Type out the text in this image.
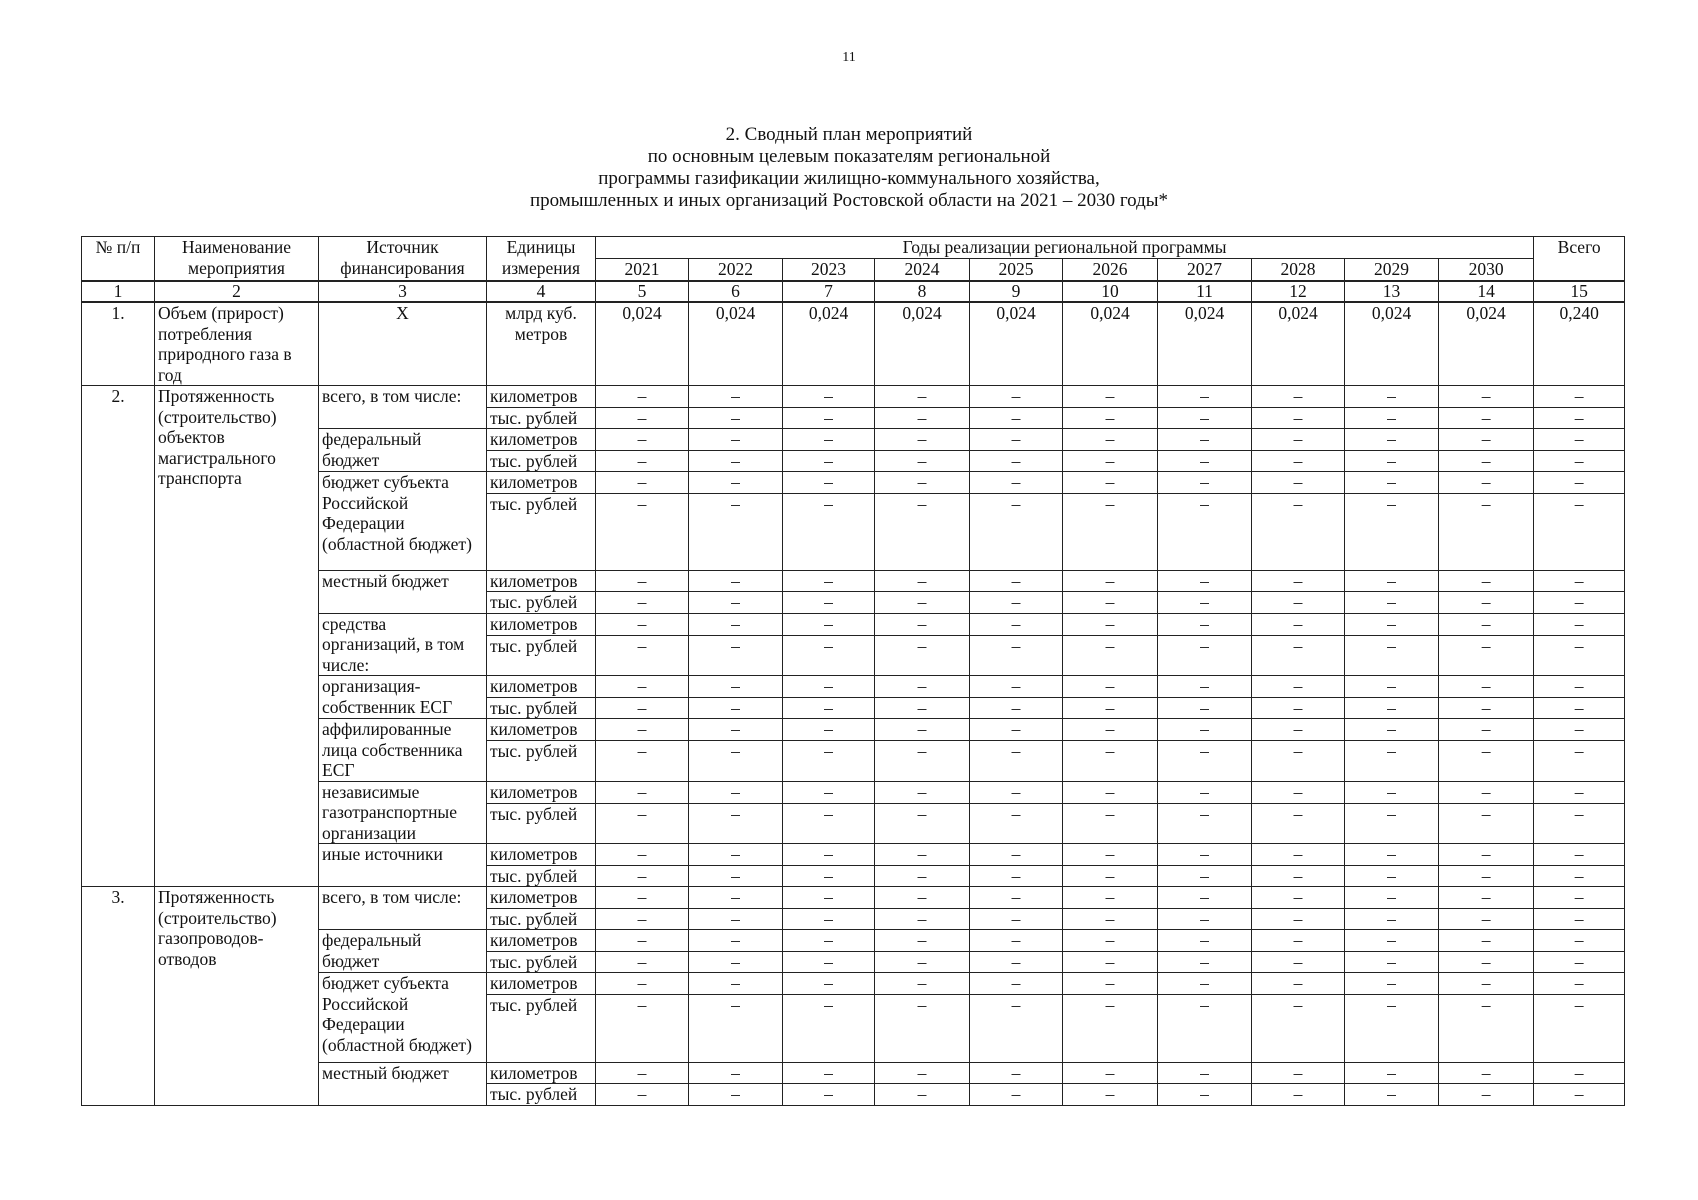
11
2. Сводный план мероприятий
по основным целевым показателям региональной
программы газификации жилищно-коммунального хозяйства,
промышленных и иных организаций Ростовской области на 2021 – 2030 годы*
№ п/п	Наименование мероприятия	Источник финансирования	Единицы измерения	Годы реализации региональной программы										Всего
				2021	2022	2023	2024	2025	2026	2027	2028	2029	2030	
1	2	3	4	5	6	7	8	9	10	11	12	13	14	15
1.	Объем (прирост) потребления природного газа в год	Х	млрд куб. метров	0,024	0,024	0,024	0,024	0,024	0,024	0,024	0,024	0,024	0,024	0,240
2.	Протяженность (строительство) объектов магистрального транспорта	всего, в том числе:	километров	–	–	–	–	–	–	–	–	–	–	–
			тыс. рублей	–	–	–	–	–	–	–	–	–	–	–
		федеральный бюджет	километров	–	–	–	–	–	–	–	–	–	–	–
			тыс. рублей	–	–	–	–	–	–	–	–	–	–	–
		бюджет субъекта Российской Федерации (областной бюджет)	километров	–	–	–	–	–	–	–	–	–	–	–
			тыс. рублей	–	–	–	–	–	–	–	–	–	–	–
		местный бюджет	километров	–	–	–	–	–	–	–	–	–	–	–
			тыс. рублей	–	–	–	–	–	–	–	–	–	–	–
		средства организаций, в том числе:	километров	–	–	–	–	–	–	–	–	–	–	–
			тыс. рублей	–	–	–	–	–	–	–	–	–	–	–
		организация-собственник ЕСГ	километров	–	–	–	–	–	–	–	–	–	–	–
			тыс. рублей	–	–	–	–	–	–	–	–	–	–	–
		аффилированные лица собственника ЕСГ	километров	–	–	–	–	–	–	–	–	–	–	–
			тыс. рублей	–	–	–	–	–	–	–	–	–	–	–
		независимые газотранспортные организации	километров	–	–	–	–	–	–	–	–	–	–	–
			тыс. рублей	–	–	–	–	–	–	–	–	–	–	–
		иные источники	километров	–	–	–	–	–	–	–	–	–	–	–
			тыс. рублей	–	–	–	–	–	–	–	–	–	–	–
3.	Протяженность (строительство) газопроводов-отводов	всего, в том числе:	километров	–	–	–	–	–	–	–	–	–	–	–
			тыс. рублей	–	–	–	–	–	–	–	–	–	–	–
		федеральный бюджет	километров	–	–	–	–	–	–	–	–	–	–	–
			тыс. рублей	–	–	–	–	–	–	–	–	–	–	–
		бюджет субъекта Российской Федерации (областной бюджет)	километров	–	–	–	–	–	–	–	–	–	–	–
			тыс. рублей	–	–	–	–	–	–	–	–	–	–	–
		местный бюджет	километров	–	–	–	–	–	–	–	–	–	–	–
			тыс. рублей	–	–	–	–	–	–	–	–	–	–	–
